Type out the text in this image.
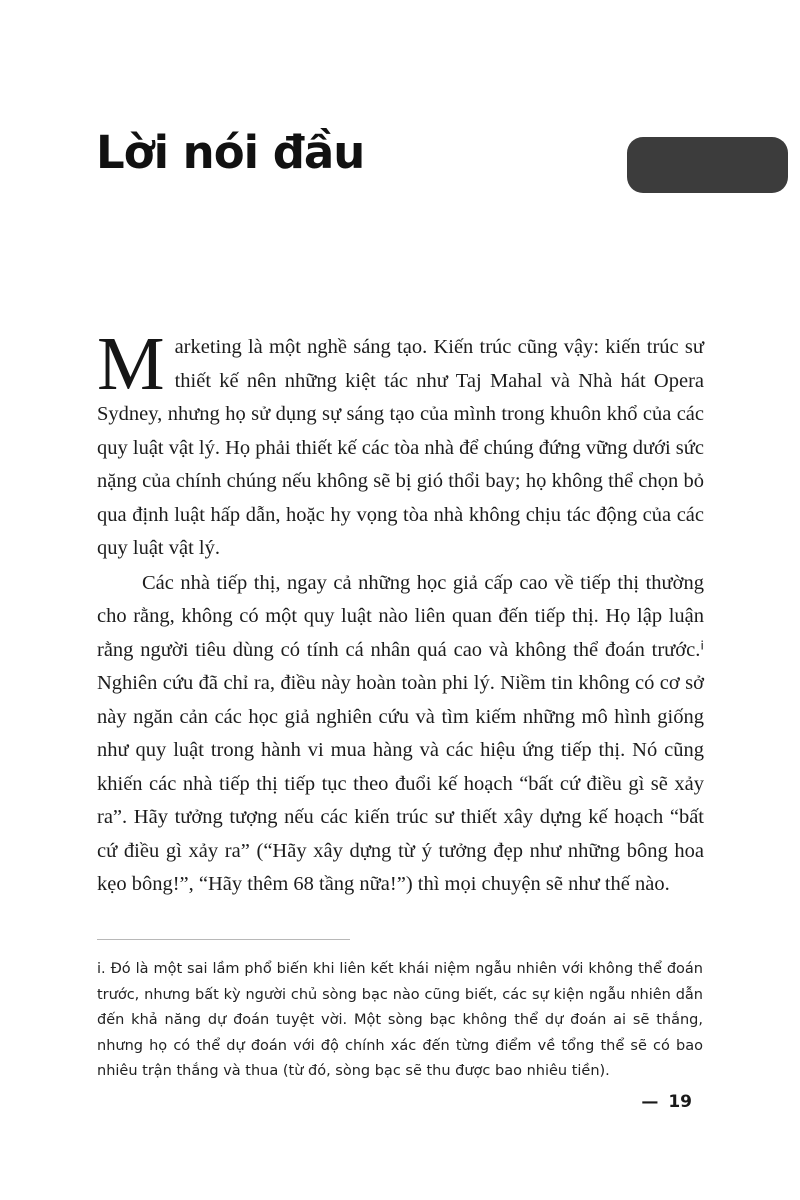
Lời nói đầu

Marketing là một nghề sáng tạo. Kiến trúc cũng vậy: kiến trúc sư thiết kế nên những kiệt tác như Taj Mahal và Nhà hát Opera Sydney, nhưng họ sử dụng sự sáng tạo của mình trong khuôn khổ của các quy luật vật lý. Họ phải thiết kế các tòa nhà để chúng đứng vững dưới sức nặng của chính chúng nếu không sẽ bị gió thổi bay; họ không thể chọn bỏ qua định luật hấp dẫn, hoặc hy vọng tòa nhà không chịu tác động của các quy luật vật lý.

Các nhà tiếp thị, ngay cả những học giả cấp cao về tiếp thị thường cho rằng, không có một quy luật nào liên quan đến tiếp thị. Họ lập luận rằng người tiêu dùng có tính cá nhân quá cao và không thể đoán trước.ⁱ Nghiên cứu đã chỉ ra, điều này hoàn toàn phi lý. Niềm tin không có cơ sở này ngăn cản các học giả nghiên cứu và tìm kiếm những mô hình giống như quy luật trong hành vi mua hàng và các hiệu ứng tiếp thị. Nó cũng khiến các nhà tiếp thị tiếp tục theo đuổi kế hoạch “bất cứ điều gì sẽ xảy ra”. Hãy tưởng tượng nếu các kiến trúc sư thiết xây dựng kế hoạch “bất cứ điều gì xảy ra” (“Hãy xây dựng từ ý tưởng đẹp như những bông hoa kẹo bông!”, “Hãy thêm 68 tầng nữa!”) thì mọi chuyện sẽ như thế nào.

i. Đó là một sai lầm phổ biến khi liên kết khái niệm ngẫu nhiên với không thể đoán trước, nhưng bất kỳ người chủ sòng bạc nào cũng biết, các sự kiện ngẫu nhiên dẫn đến khả năng dự đoán tuyệt vời. Một sòng bạc không thể dự đoán ai sẽ thắng, nhưng họ có thể dự đoán với độ chính xác đến từng điểm về tổng thể sẽ có bao nhiêu trận thắng và thua (từ đó, sòng bạc sẽ thu được bao nhiêu tiền).

— 19
